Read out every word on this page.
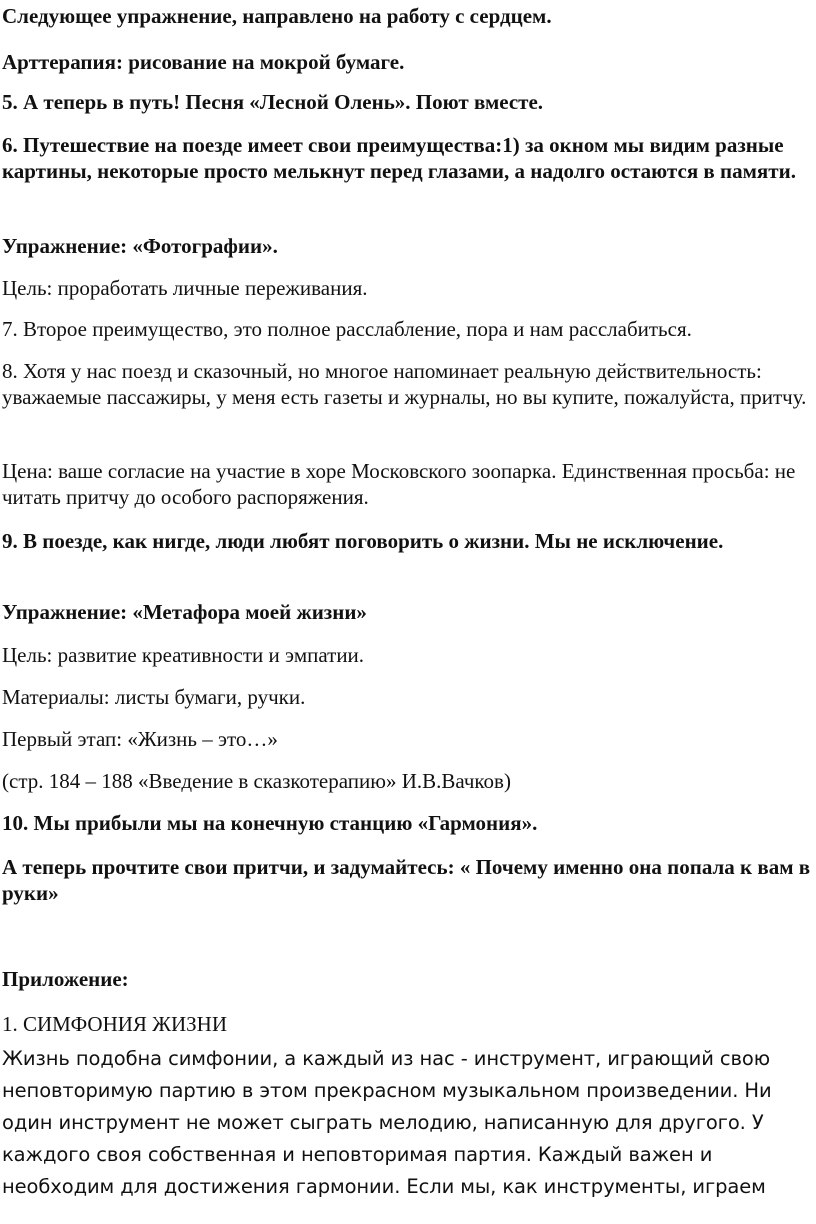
Следующее упражнение, направлено на работу с сердцем.

Арттерапия: рисование на мокрой бумаге.

5. А теперь в путь! Песня «Лесной Олень». Поют вместе.

6. Путешествие на поезде имеет свои преимущества:1) за окном мы видим разные картины, некоторые просто мелькнут перед глазами, а надолго остаются в памяти.

Упражнение: «Фотографии».

Цель: проработать личные переживания.

7. Второе преимущество, это полное расслабление, пора и нам расслабиться.

8. Хотя у нас поезд и сказочный, но многое напоминает реальную действительность: уважаемые пассажиры, у меня есть газеты и журналы, но вы купите, пожалуйста, притчу.

Цена: ваше согласие на участие в хоре Московского зоопарка. Единственная просьба: не читать притчу до особого распоряжения.

9. В поезде, как нигде, люди любят поговорить о жизни. Мы не исключение.

Упражнение: «Метафора моей жизни»

Цель: развитие креативности и эмпатии.

Материалы: листы бумаги, ручки.

Первый этап: «Жизнь – это…»

(стр. 184 – 188 «Введение в сказкотерапию» И.В.Вачков)

10. Мы прибыли мы на конечную станцию «Гармония».

А теперь прочтите свои притчи, и задумайтесь: « Почему именно она попала к вам в руки»

Приложение:

1. СИМФОНИЯ ЖИЗНИ

Жизнь подобна симфонии, а каждый из нас - инструмент, играющий свою неповторимую партию в этом прекрасном музыкальном произведении. Ни один инструмент не может сыграть мелодию, написанную для другого. У каждого своя собственная и неповторимая партия. Каждый важен и необходим для достижения гармонии. Если мы, как инструменты, играем
